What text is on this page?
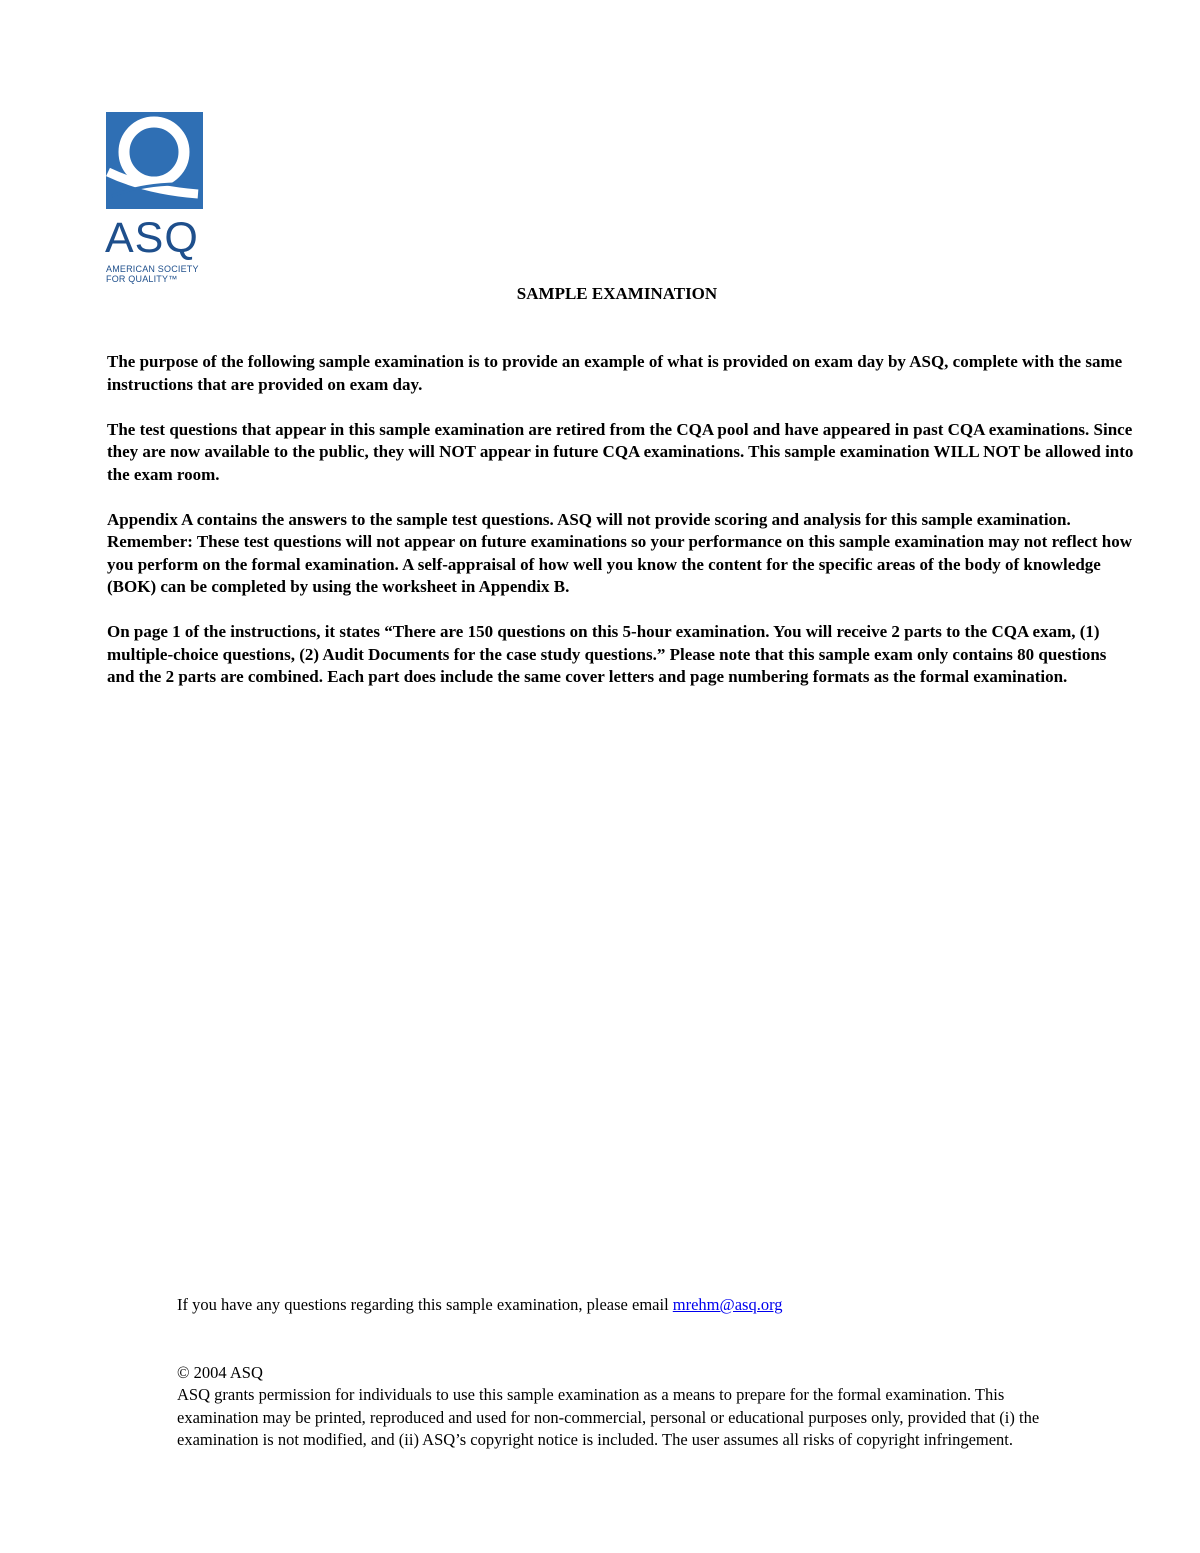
ASQ
AMERICAN SOCIETY
FOR QUALITY™
SAMPLE EXAMINATION

The purpose of the following sample examination is to provide an example of what is provided on exam day by ASQ, complete with the same instructions that are provided on exam day.

The test questions that appear in this sample examination are retired from the CQA pool and have appeared in past CQA examinations. Since they are now available to the public, they will NOT appear in future CQA examinations. This sample examination WILL NOT be allowed into the exam room.

Appendix A contains the answers to the sample test questions. ASQ will not provide scoring and analysis for this sample examination. Remember: These test questions will not appear on future examinations so your performance on this sample examination may not reflect how you perform on the formal examination. A self-appraisal of how well you know the content for the specific areas of the body of knowledge (BOK) can be completed by using the worksheet in Appendix B.

On page 1 of the instructions, it states “There are 150 questions on this 5-hour examination. You will receive 2 parts to the CQA exam, (1) multiple-choice questions, (2) Audit Documents for the case study questions.” Please note that this sample exam only contains 80 questions and the 2 parts are combined. Each part does include the same cover letters and page numbering formats as the formal examination.

If you have any questions regarding this sample examination, please email mrehm@asq.org

© 2004 ASQ

ASQ grants permission for individuals to use this sample examination as a means to prepare for the formal examination. This examination may be printed, reproduced and used for non-commercial, personal or educational purposes only, provided that (i) the examination is not modified, and (ii) ASQ’s copyright notice is included. The user assumes all risks of copyright infringement.
